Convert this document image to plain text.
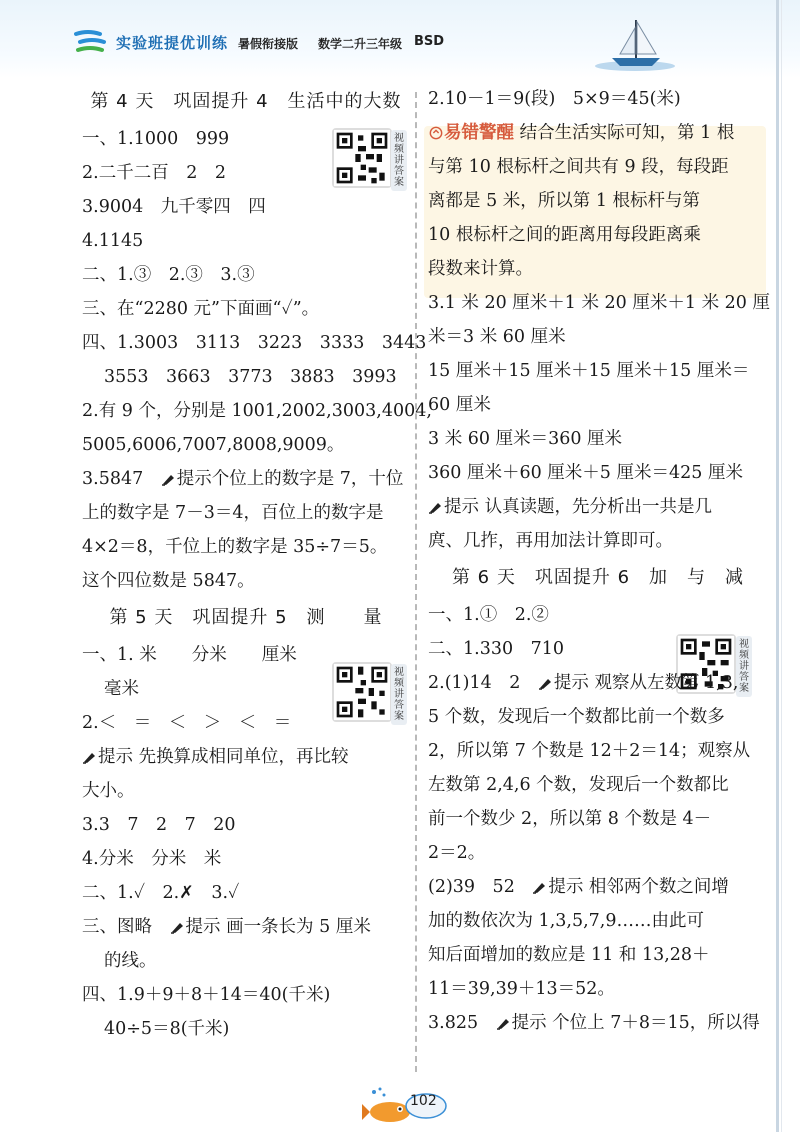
实验班提优训练 暑假衔接版 数学二升三年级 BSD
视频讲答案
视频讲答案
视频讲答案
第 4 天　巩固提升 4　生活中的大数
一、1.1000　999
2.二千二百　2　2
3.9004　九千零四　四
4.1145
二、1.③　2.③　3.③
三、在“2280 元”下面画“✓”。
四、1.3003　3113　3223　3333　3443
3553　3663　3773　3883　3993
2.有 9 个，分别是 1001,2002,3003,4004,
5005,6006,7007,8008,9009。
3.5847　提示个位上的数字是 7，十位
上的数字是 7－3＝4，百位上的数字是
4×2＝8，千位上的数字是 35÷7＝5。
这个四位数是 5847。
第 5 天　巩固提升 5　测　　量
一、1. 米　　分米　　厘米
毫米
2.＜　＝　＜　＞　＜　＝
提示 先换算成相同单位，再比较
大小。
3.3　7　2　7　20
4.分米　分米　米
二、1.✓　2.✗　3.✓
三、图略　提示 画一条长为 5 厘米
的线。
四、1.9＋9＋8＋14＝40(千米)
40÷5＝8(千米)
2.10－1＝9(段)　5×9＝45(米)
易错警醒 结合生活实际可知，第 1 根
与第 10 根标杆之间共有 9 段，每段距
离都是 5 米，所以第 1 根标杆与第
10 根标杆之间的距离用每段距离乘
段数来计算。
3.1 米 20 厘米＋1 米 20 厘米＋1 米 20 厘
米＝3 米 60 厘米
15 厘米＋15 厘米＋15 厘米＋15 厘米＝
60 厘米
3 米 60 厘米＝360 厘米
360 厘米＋60 厘米＋5 厘米＝425 厘米
提示 认真读题，先分析出一共是几
庹、几拃，再用加法计算即可。
第 6 天　巩固提升 6　加　与　减
一、1.①　2.②
二、1.330　710
2.(1)14　2　提示 观察从左数第 1,3,
5 个数，发现后一个数都比前一个数多
2，所以第 7 个数是 12＋2＝14；观察从
左数第 2,4,6 个数，发现后一个数都比
前一个数少 2，所以第 8 个数是 4－
2＝2。
(2)39　52　提示 相邻两个数之间增
加的数依次为 1,3,5,7,9……由此可
知后面增加的数应是 11 和 13,28＋
11＝39,39＋13＝52。
3.825　提示 个位上 7＋8＝15，所以得
102
